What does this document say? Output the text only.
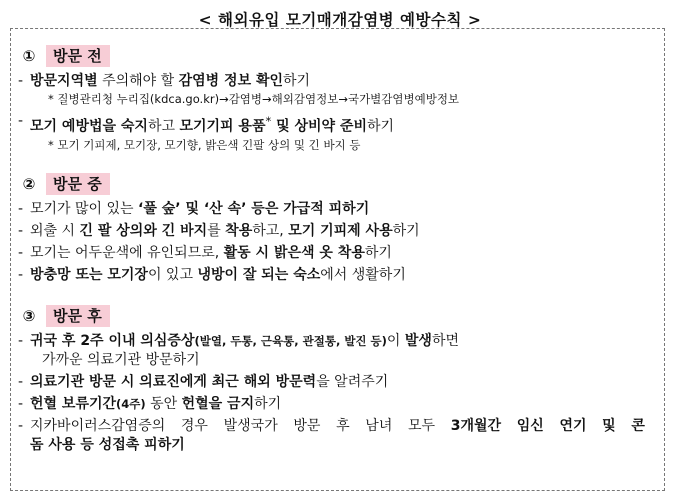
< 해외유입 모기매개감염병 예방수칙 >
①	방문 전
- 방문지역별 주의해야 할 감염병 정보 확인하기
* 질병관리청 누리집(kdca.go.kr)→감염병→해외감염정보→국가별감염병예방정보
- 모기 예방법을 숙지하고 모기기피 용품* 및 상비약 준비하기
* 모기 기피제, 모기장, 모기향, 밝은색 긴팔 상의 및 긴 바지 등
②	방문 중
- 모기가 많이 있는 ‘풀 숲’ 및 ‘산 속’ 등은 가급적 피하기
- 외출 시 긴 팔 상의와 긴 바지를 착용하고, 모기 기피제 사용하기
- 모기는 어두운색에 유인되므로, 활동 시 밝은색 옷 착용하기
- 방충망 또는 모기장이 있고 냉방이 잘 되는 숙소에서 생활하기
③	방문 후
- 귀국 후 2주 이내 의심증상(발열, 두통, 근육통, 관절통, 발진 등)이 발생하면
가까운 의료기관 방문하기
- 의료기관 방문 시 의료진에게 최근 해외 방문력을 알려주기
- 헌혈 보류기간(4주) 동안 헌혈을 금지하기
- 지카바이러스감염증의 경우 발생국가 방문 후 남녀 모두 3개월간 임신 연기 및 콘
돔 사용 등 성접촉 피하기
